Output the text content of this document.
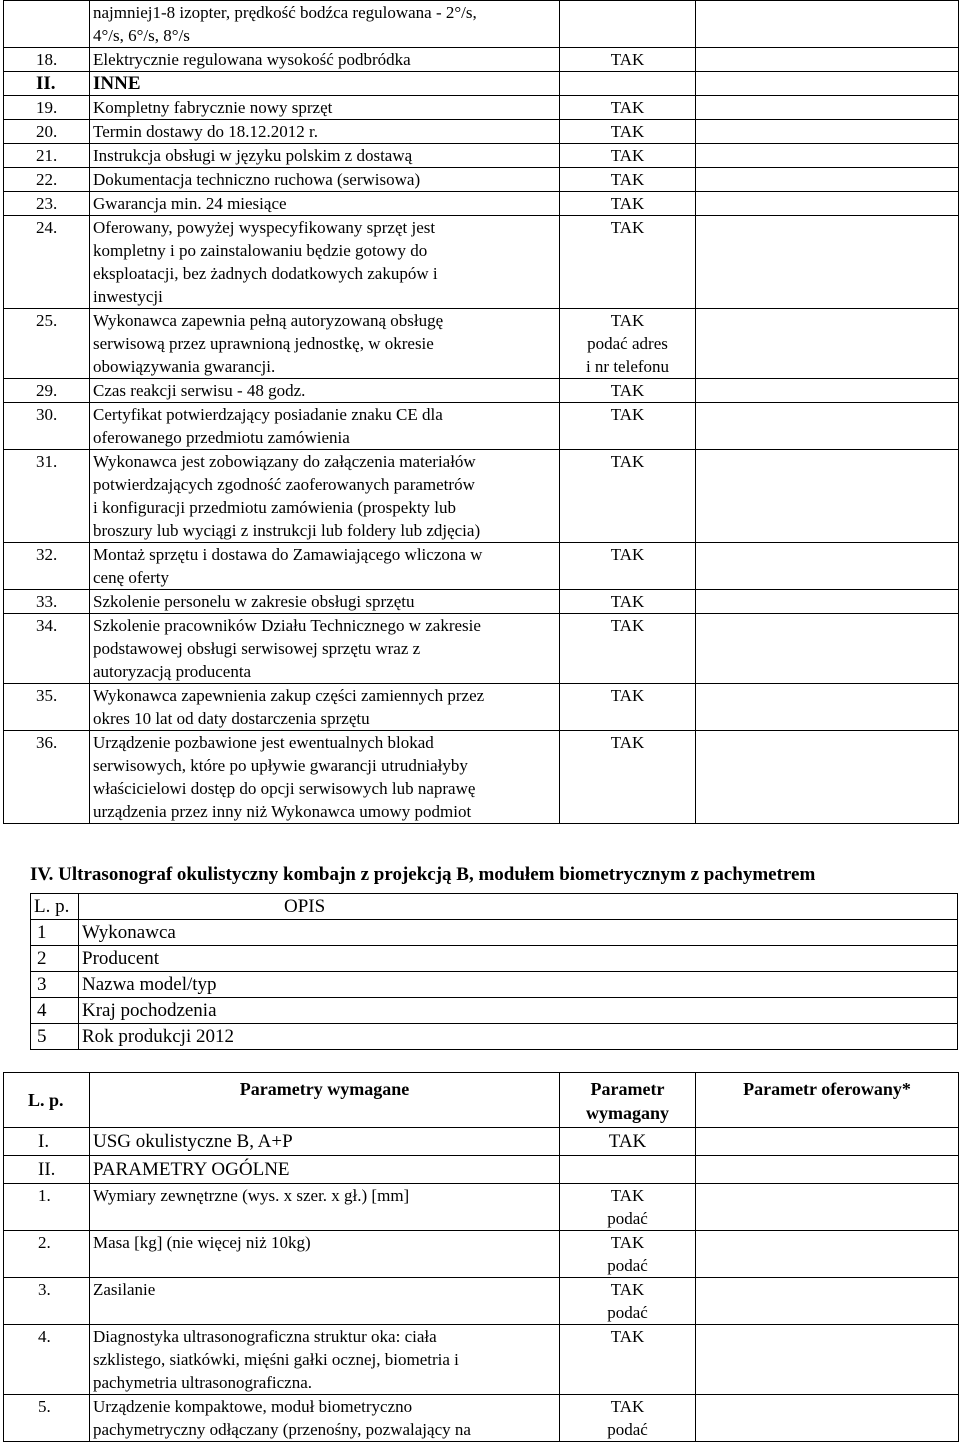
	najmniej1-8 izopter, prędkość bodźca regulowana - 2°/s,
4°/s, 6°/s, 8°/s		
18.	Elektrycznie regulowana wysokość podbródka	TAK	
II.	INNE		
19.	Kompletny fabrycznie nowy sprzęt	TAK	
20.	Termin dostawy do 18.12.2012 r.	TAK	
21.	Instrukcja obsługi w języku polskim z dostawą	TAK	
22.	Dokumentacja techniczno ruchowa (serwisowa)	TAK	
23.	Gwarancja min. 24 miesiące	TAK	
24.	Oferowany, powyżej wyspecyfikowany sprzęt jest
kompletny i po zainstalowaniu będzie gotowy do
eksploatacji, bez żadnych dodatkowych zakupów i
inwestycji	TAK	
25.	Wykonawca zapewnia pełną autoryzowaną obsługę
serwisową przez uprawnioną jednostkę, w okresie
obowiązywania gwarancji.	TAK
podać adres
i nr telefonu	
29.	Czas reakcji serwisu - 48 godz.	TAK	
30.	Certyfikat potwierdzający posiadanie znaku CE dla
oferowanego przedmiotu zamówienia	TAK	
31.	Wykonawca jest zobowiązany do załączenia materiałów
potwierdzających zgodność zaoferowanych parametrów
i konfiguracji przedmiotu zamówienia (prospekty lub
broszury lub wyciągi z instrukcji lub foldery lub zdjęcia)	TAK	
32.	Montaż sprzętu i dostawa do Zamawiającego wliczona w
cenę oferty	TAK	
33.	Szkolenie personelu w zakresie obsługi sprzętu	TAK	
34.	Szkolenie pracowników Działu Technicznego w zakresie
podstawowej obsługi serwisowej sprzętu wraz z
autoryzacją producenta	TAK	
35.	Wykonawca zapewnienia zakup części zamiennych przez
okres 10 lat od daty dostarczenia sprzętu	TAK	
36.	Urządzenie pozbawione jest ewentualnych blokad
serwisowych, które po upływie gwarancji utrudniałyby
właścicielowi dostęp do opcji serwisowych lub naprawę
urządzenia przez inny niż Wykonawca umowy podmiot	TAK	
IV. Ultrasonograf okulistyczny kombajn z projekcją B, modułem biometrycznym z pachymetrem
L. p.	OPIS
1	Wykonawca
2	Producent
3	Nazwa model/typ
4	Kraj pochodzenia
5	Rok produkcji 2012
L. p.	Parametry wymagane	Parametr
wymagany	Parametr oferowany*
I.	USG okulistyczne B, A+P	TAK	
II.	PARAMETRY OGÓLNE		
1.	Wymiary zewnętrzne (wys. x szer. x gł.) [mm]	TAK
podać	
2.	Masa [kg] (nie więcej niż 10kg)	TAK
podać	
3.	Zasilanie	TAK
podać	
4.	Diagnostyka ultrasonograficzna struktur oka: ciała
szklistego, siatkówki, mięśni gałki ocznej, biometria i
pachymetria ultrasonograficzna.	TAK	
5.	Urządzenie kompaktowe, moduł biometryczno
pachymetryczny odłączany (przenośny, pozwalający na	TAK
podać	
